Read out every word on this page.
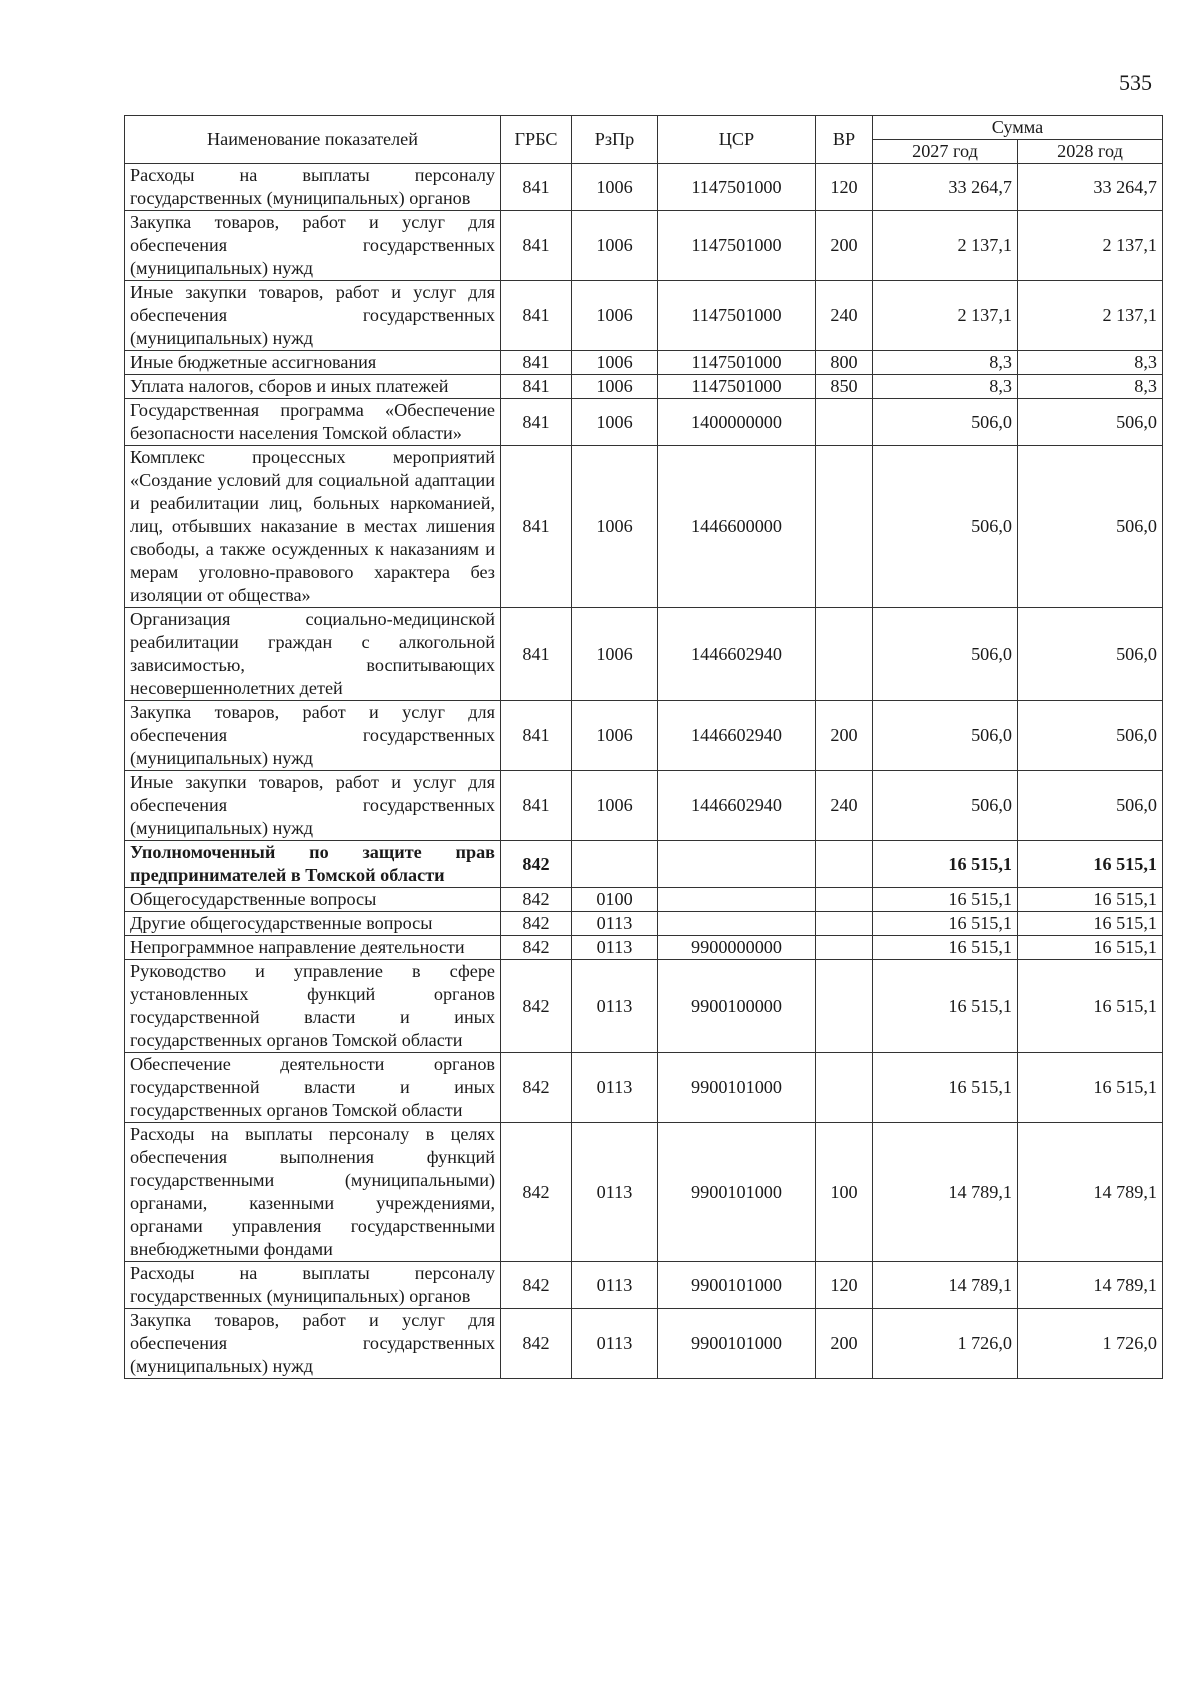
535
Наименование показателей	ГРБС	РзПр	ЦСР	ВР	Сумма	
					2027 год	2028 год
Расходы на выплаты персоналу государственных (муниципальных) органов	841	1006	1147501000	120	33 264,7	33 264,7
Закупка товаров, работ и услуг для обеспечения государственных (муниципальных) нужд	841	1006	1147501000	200	2 137,1	2 137,1
Иные закупки товаров, работ и услуг для обеспечения государственных (муниципальных) нужд	841	1006	1147501000	240	2 137,1	2 137,1
Иные бюджетные ассигнования	841	1006	1147501000	800	8,3	8,3
Уплата налогов, сборов и иных платежей	841	1006	1147501000	850	8,3	8,3
Государственная программа «Обеспечение безопасности населения Томской области»	841	1006	1400000000		506,0	506,0
Комплекс процессных мероприятий «Создание условий для социальной адаптации и реабилитации лиц, больных наркоманией, лиц, отбывших наказание в местах лишения свободы, а также осужденных к наказаниям и мерам уголовно-правового характера без изоляции от общества»	841	1006	1446600000		506,0	506,0
Организация социально-медицинской реабилитации граждан с алкогольной зависимостью, воспитывающих несовершеннолетних детей	841	1006	1446602940		506,0	506,0
Закупка товаров, работ и услуг для обеспечения государственных (муниципальных) нужд	841	1006	1446602940	200	506,0	506,0
Иные закупки товаров, работ и услуг для обеспечения государственных (муниципальных) нужд	841	1006	1446602940	240	506,0	506,0
Уполномоченный по защите прав предпринимателей в Томской области	842				16 515,1	16 515,1
Общегосударственные вопросы	842	0100			16 515,1	16 515,1
Другие общегосударственные вопросы	842	0113			16 515,1	16 515,1
Непрограммное направление деятельности	842	0113	9900000000		16 515,1	16 515,1
Руководство и управление в сфере установленных функций органов государственной власти и иных государственных органов Томской области	842	0113	9900100000		16 515,1	16 515,1
Обеспечение деятельности органов государственной власти и иных государственных органов Томской области	842	0113	9900101000		16 515,1	16 515,1
Расходы на выплаты персоналу в целях обеспечения выполнения функций государственными (муниципальными) органами, казенными учреждениями, органами управления государственными внебюджетными фондами	842	0113	9900101000	100	14 789,1	14 789,1
Расходы на выплаты персоналу государственных (муниципальных) органов	842	0113	9900101000	120	14 789,1	14 789,1
Закупка товаров, работ и услуг для обеспечения государственных (муниципальных) нужд	842	0113	9900101000	200	1 726,0	1 726,0
